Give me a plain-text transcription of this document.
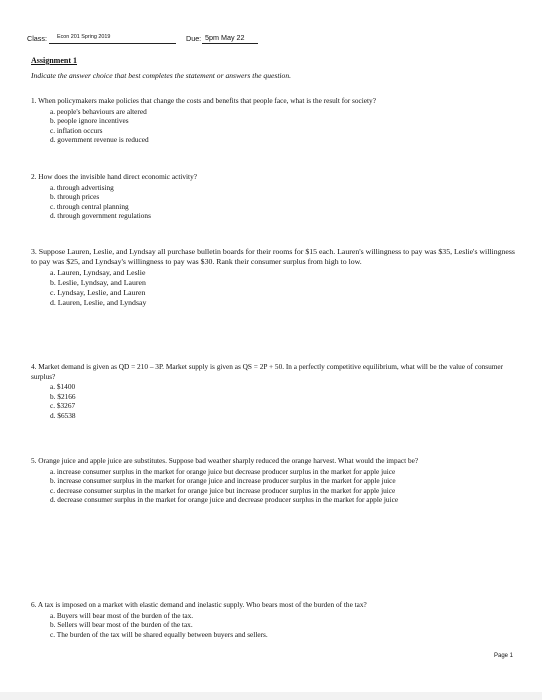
Class: Econ 201 Spring 2019	Due: 5pm May 22
Assignment 1
Indicate the answer choice that best completes the statement or answers the question.

1. When policymakers make policies that change the costs and benefits that people face, what is the result for society?

a. people's behaviours are altered

b. people ignore incentives

c. inflation occurs

d. government revenue is reduced

2. How does the invisible hand direct economic activity?

a. through advertising

b. through prices

c. through central planning

d. through government regulations

3. Suppose Lauren, Leslie, and Lyndsay all purchase bulletin boards for their rooms for $15 each. Lauren's willingness to pay was $35, Leslie's willingness to pay was $25, and Lyndsay's willingness to pay was $30. Rank their consumer surplus from high to low.

a. Lauren, Lyndsay, and Leslie

b. Leslie, Lyndsay, and Lauren

c. Lyndsay, Leslie, and Lauren

d. Lauren, Leslie, and Lyndsay

4. Market demand is given as QD = 210 – 3P. Market supply is given as QS = 2P + 50. In a perfectly competitive equilibrium, what will be the value of consumer surplus?

a. $1400

b. $2166

c. $3267

d. $6538

5. Orange juice and apple juice are substitutes. Suppose bad weather sharply reduced the orange harvest. What would the impact be?

a. increase consumer surplus in the market for orange juice but decrease producer surplus in the market for apple juice

b. increase consumer surplus in the market for orange juice and increase producer surplus in the market for apple juice

c. decrease consumer surplus in the market for orange juice but increase producer surplus in the market for apple juice

d. decrease consumer surplus in the market for orange juice and decrease producer surplus in the market for apple juice

6. A tax is imposed on a market with elastic demand and inelastic supply. Who bears most of the burden of the tax?

a. Buyers will bear most of the burden of the tax.

b. Sellers will bear most of the burden of the tax.

c. The burden of the tax will be shared equally between buyers and sellers.

Page 1
